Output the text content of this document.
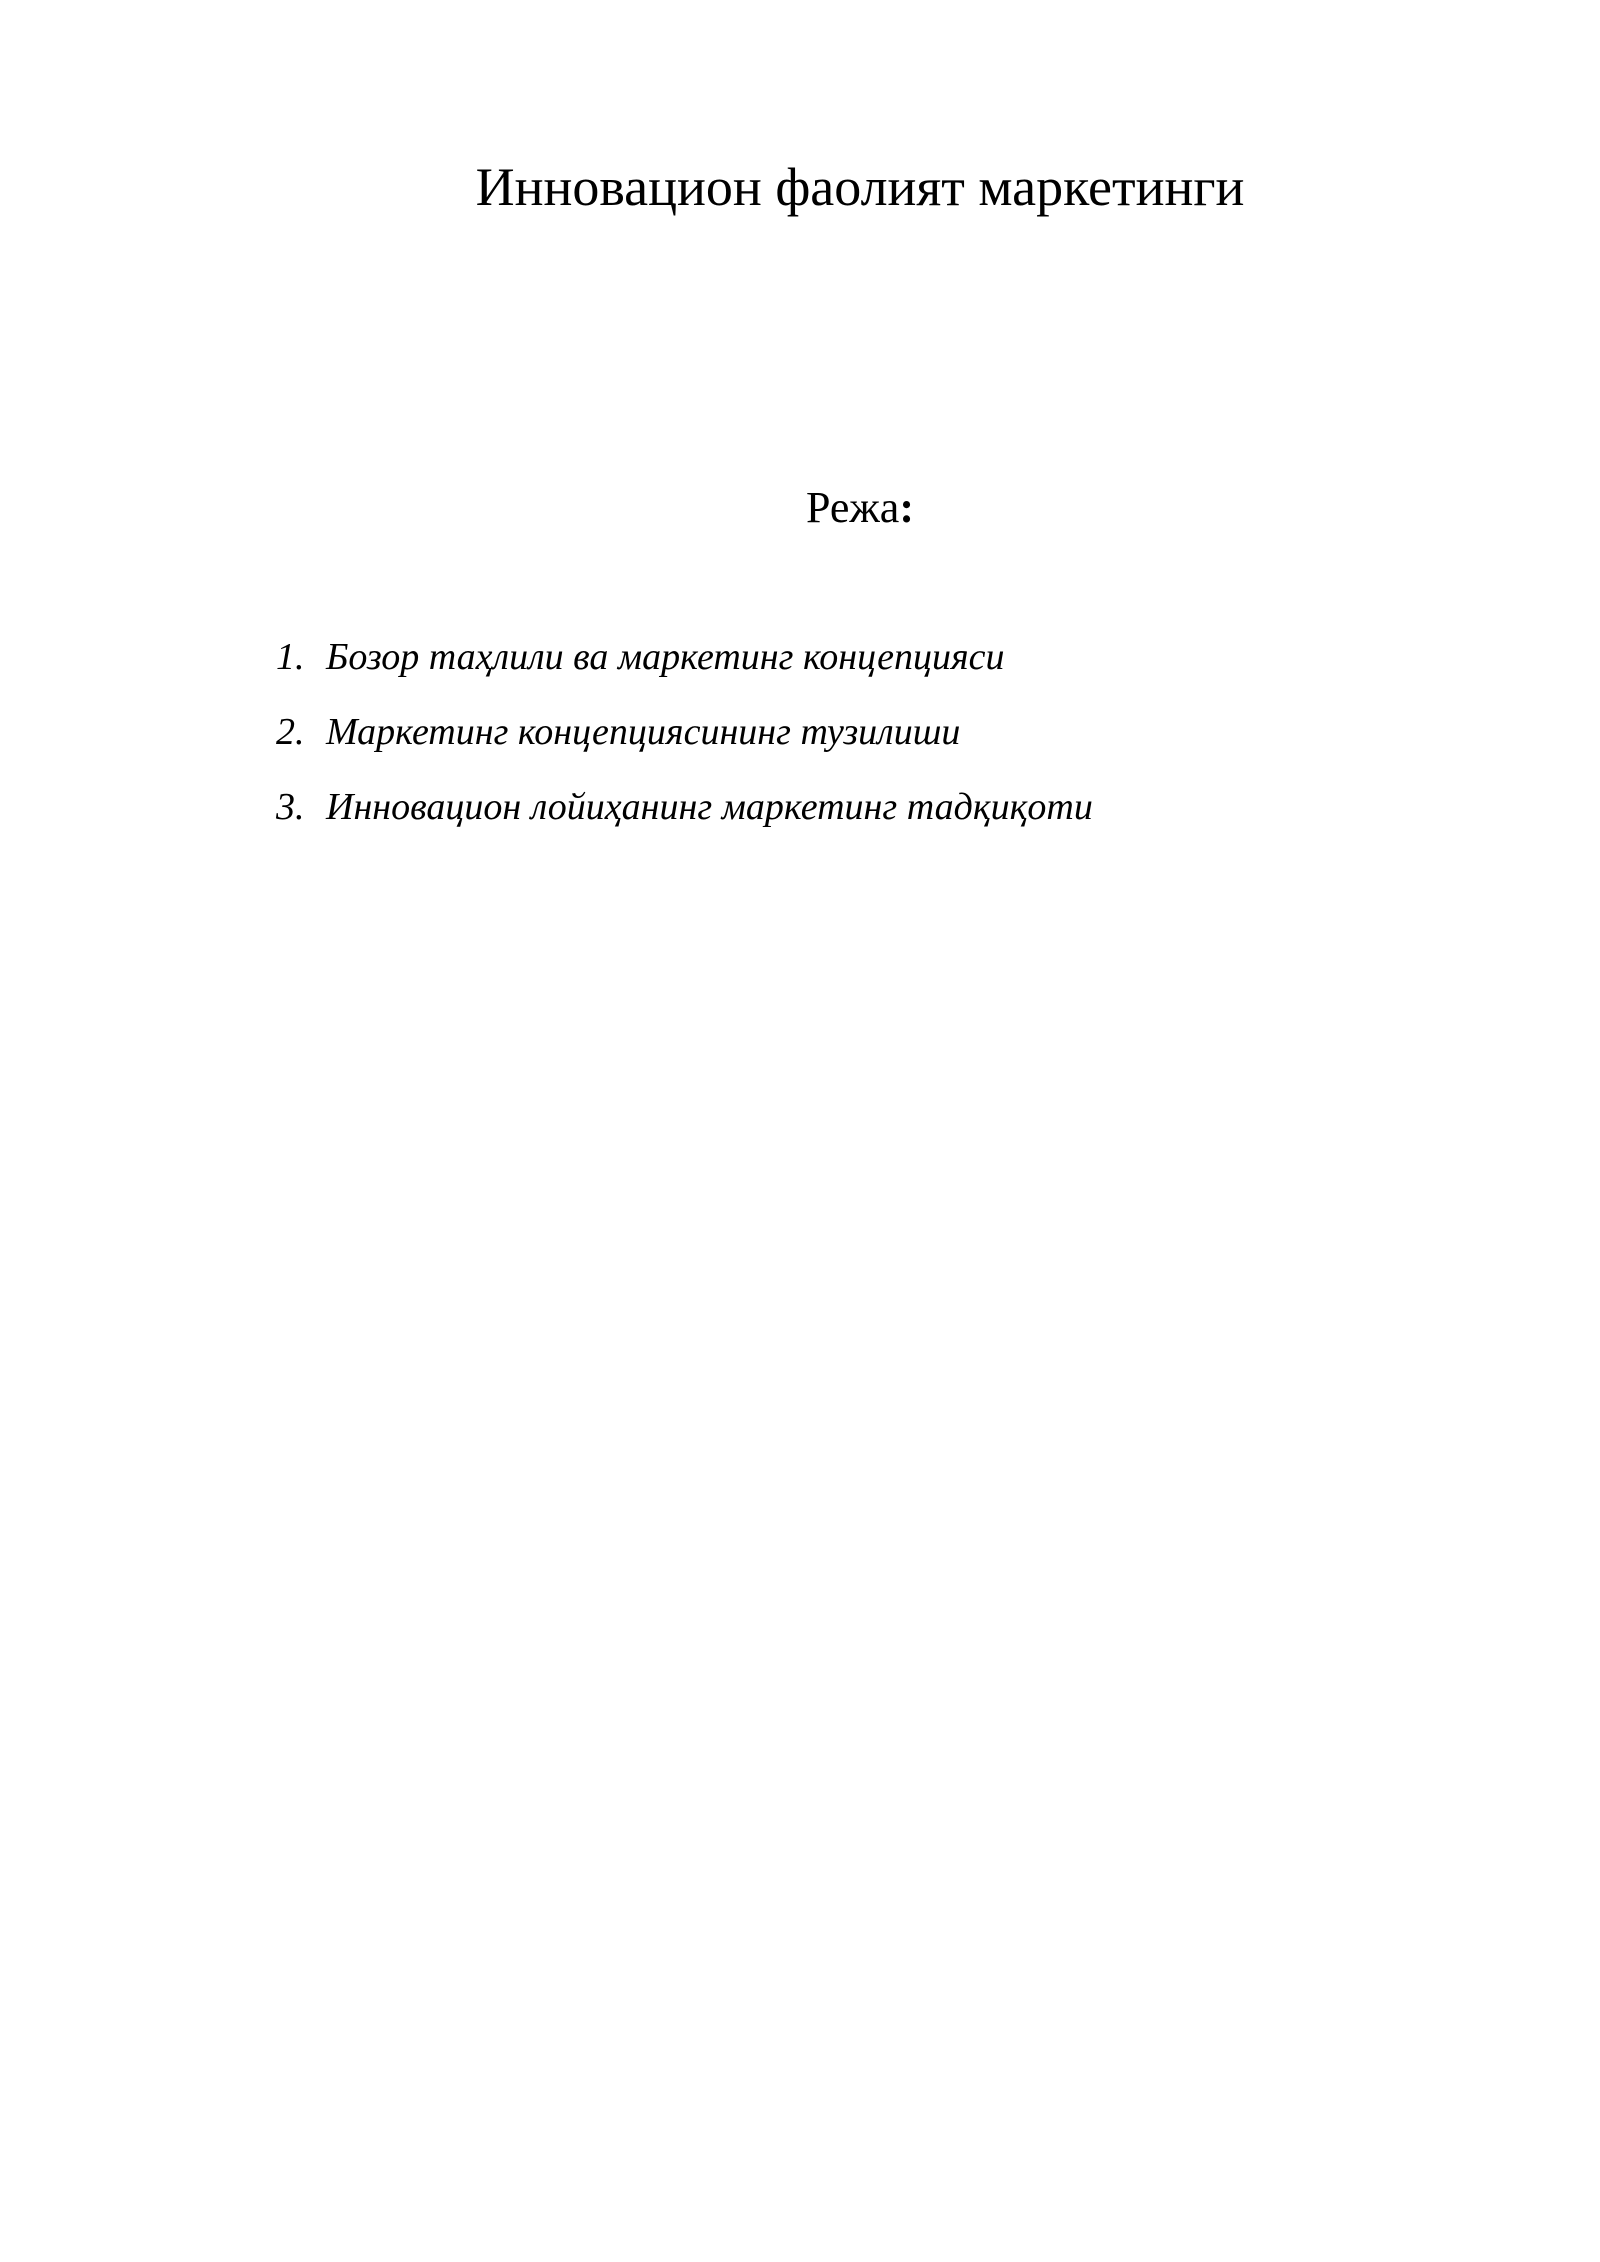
Инновацион фаолият маркетинги
Режа:
1. Бозор таҳлили ва маркетинг концепцияси
2. Маркетинг концепциясининг тузилиши
3. Инновацион лойиҳанинг маркетинг тадқиқоти
